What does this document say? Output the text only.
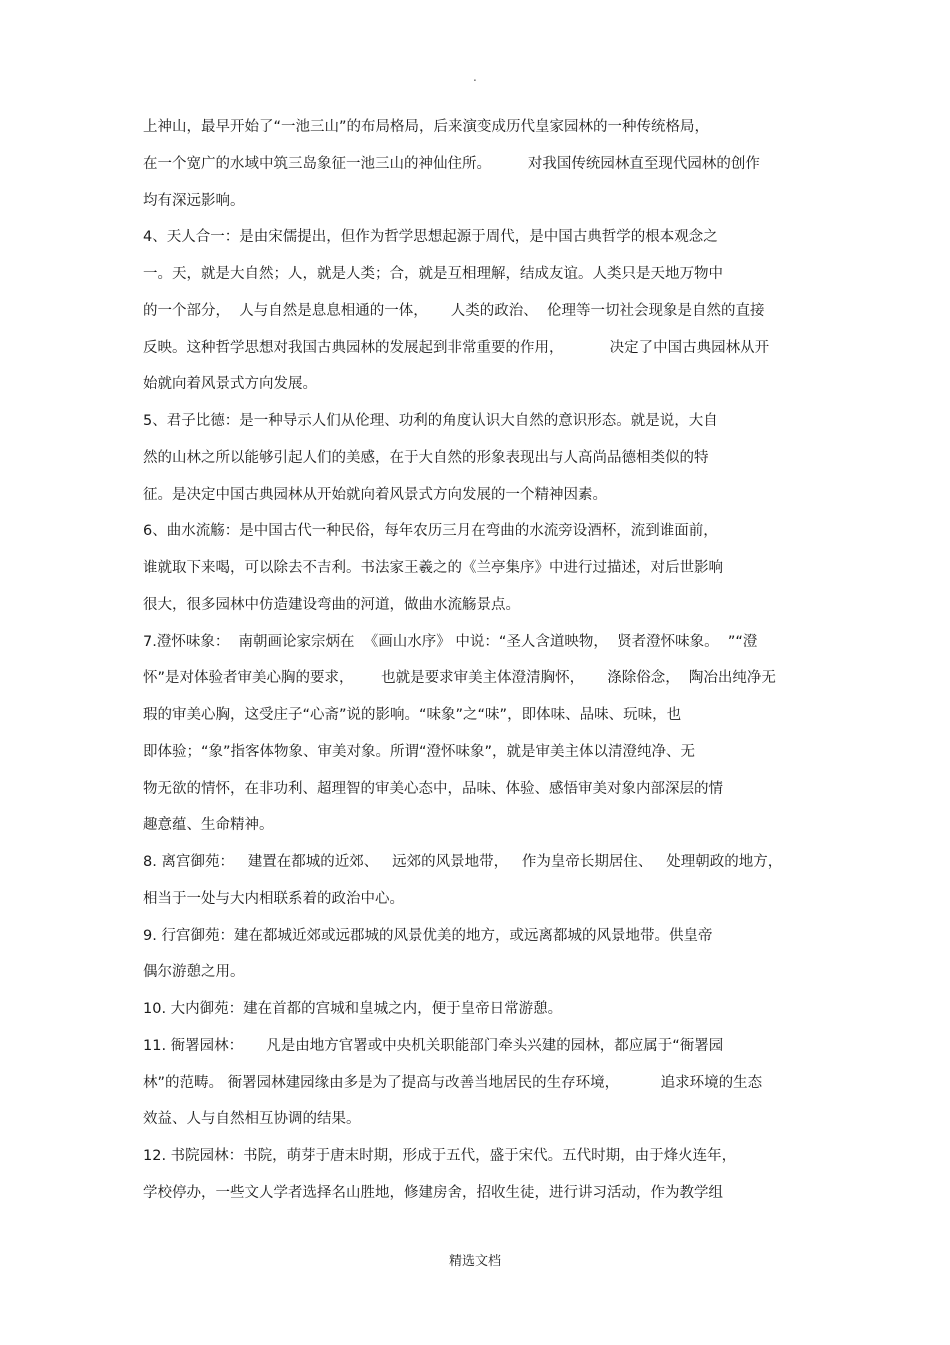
.
上神山，最早开始了“一池三山”的布局格局，后来演变成历代皇家园林的一种传统格局，
在一个宽广的水域中筑三岛象征一池三山的神仙住所。        对我国传统园林直至现代园林的创作
均有深远影响。
4、天人合一：是由宋儒提出，但作为哲学思想起源于周代，是中国古典哲学的根本观念之
一。天，就是大自然；人，就是人类；合，就是互相理解，结成友谊。人类只是天地万物中
的一个部分，  人与自然是息息相通的一体，     人类的政治、  伦理等一切社会现象是自然的直接
反映。这种哲学思想对我国古典园林的发展起到非常重要的作用，          决定了中国古典园林从开
始就向着风景式方向发展。
5、君子比德：是一种导示人们从伦理、功利的角度认识大自然的意识形态。就是说，大自
然的山林之所以能够引起人们的美感，在于大自然的形象表现出与人高尚品德相类似的特
征。是决定中国古典园林从开始就向着风景式方向发展的一个精神因素。
6、曲水流觞：是中国古代一种民俗，每年农历三月在弯曲的水流旁设酒杯，流到谁面前，
谁就取下来喝，可以除去不吉利。书法家王羲之的《兰亭集序》中进行过描述，对后世影响
很大，很多园林中仿造建设弯曲的河道，做曲水流觞景点。
7.澄怀味象：  南朝画论家宗炳在  《画山水序》 中说：“圣人含道映物，  贤者澄怀味象。  ”“澄
怀”是对体验者审美心胸的要求，      也就是要求审美主体澄清胸怀，     涤除俗念，  陶冶出纯净无
瑕的审美心胸，这受庄子“心斋”说的影响。“味象”之“味”，即体味、品味、玩味，也
即体验；“象”指客体物象、审美对象。所谓“澄怀味象”，就是审美主体以清澄纯净、无
物无欲的情怀，在非功利、超理智的审美心态中，品味、体验、感悟审美对象内部深层的情
趣意蕴、生命精神。
8. 离宫御苑：   建置在都城的近郊、   远郊的风景地带，   作为皇帝长期居住、   处理朝政的地方，
相当于一处与大内相联系着的政治中心。
9. 行宫御苑：建在都城近郊或远郡城的风景优美的地方，或远离都城的风景地带。供皇帝
偶尔游憩之用。
10. 大内御苑：建在首都的宫城和皇城之内，便于皇帝日常游憩。
11. 衙署园林：     凡是由地方官署或中央机关职能部门牵头兴建的园林，都应属于“衙署园
林”的范畴。 衙署园林建园缘由多是为了提高与改善当地居民的生存环境，         追求环境的生态
效益、人与自然相互协调的结果。
12. 书院园林：书院，萌芽于唐末时期，形成于五代，盛于宋代。五代时期，由于烽火连年，
学校停办，一些文人学者选择名山胜地，修建房舍，招收生徒，进行讲习活动，作为教学组
精选文档
